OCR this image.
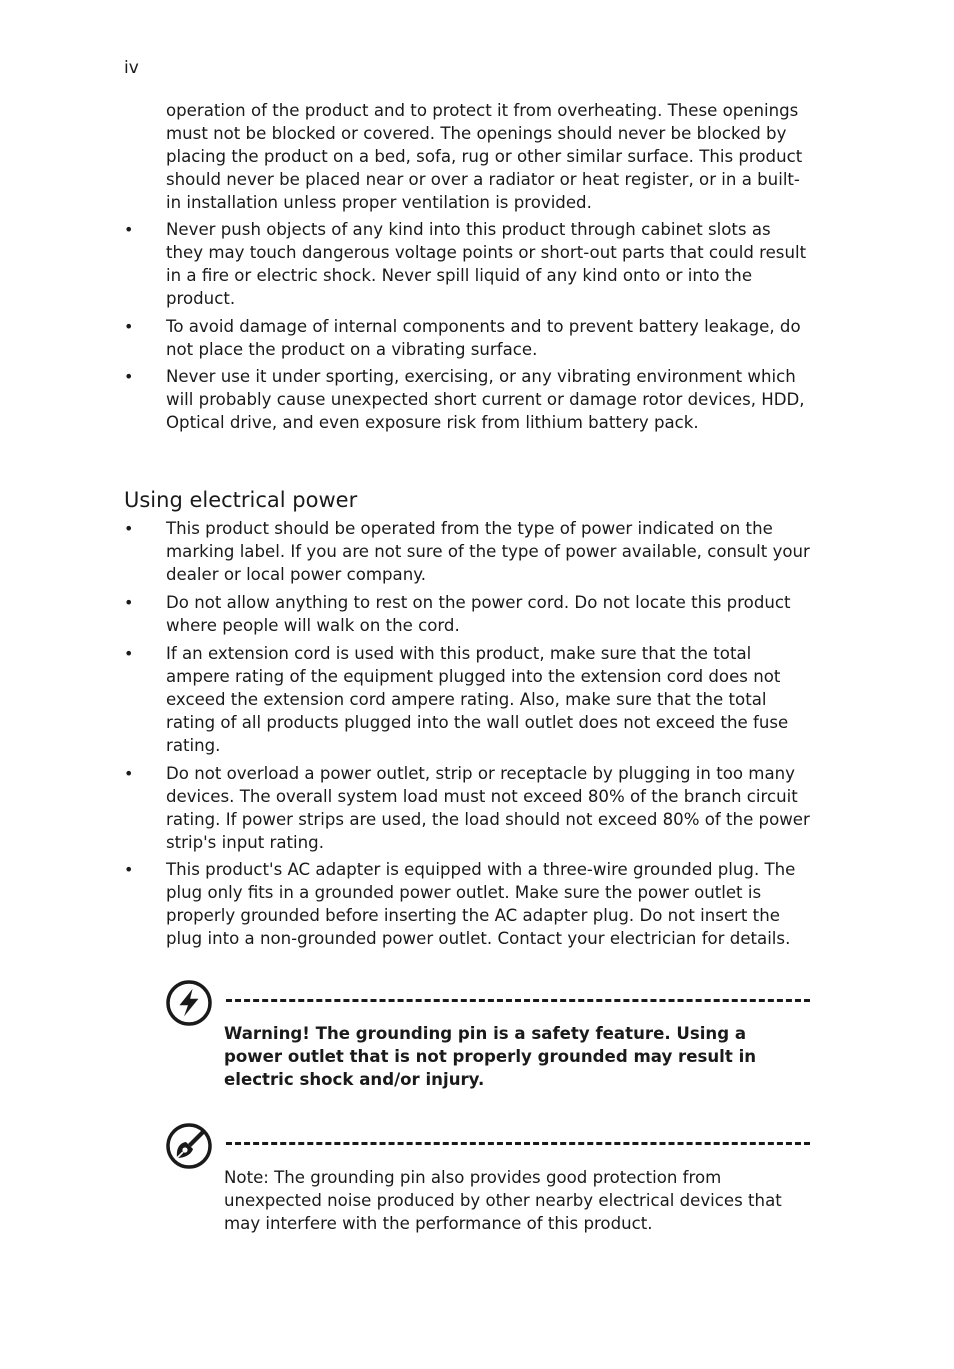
iv
operation of the product and to protect it from overheating. These openings must not be blocked or covered. The openings should never be blocked by placing the product on a bed, sofa, rug or other similar surface. This product should never be placed near or over a radiator or heat register, or in a built-in installation unless proper ventilation is provided.
• Never push objects of any kind into this product through cabinet slots as they may touch dangerous voltage points or short-out parts that could result in a fire or electric shock. Never spill liquid of any kind onto or into the product.
• To avoid damage of internal components and to prevent battery leakage, do not place the product on a vibrating surface.
• Never use it under sporting, exercising, or any vibrating environment which will probably cause unexpected short current or damage rotor devices, HDD, Optical drive, and even exposure risk from lithium battery pack.
Using electrical power
• This product should be operated from the type of power indicated on the marking label. If you are not sure of the type of power available, consult your dealer or local power company.
• Do not allow anything to rest on the power cord. Do not locate this product where people will walk on the cord.
• If an extension cord is used with this product, make sure that the total ampere rating of the equipment plugged into the extension cord does not exceed the extension cord ampere rating. Also, make sure that the total rating of all products plugged into the wall outlet does not exceed the fuse rating.
• Do not overload a power outlet, strip or receptacle by plugging in too many devices. The overall system load must not exceed 80% of the branch circuit rating. If power strips are used, the load should not exceed 80% of the power strip's input rating.
• This product's AC adapter is equipped with a three-wire grounded plug. The plug only fits in a grounded power outlet. Make sure the power outlet is properly grounded before inserting the AC adapter plug. Do not insert the plug into a non-grounded power outlet. Contact your electrician for details.
Warning! The grounding pin is a safety feature. Using a power outlet that is not properly grounded may result in electric shock and/or injury.
Note: The grounding pin also provides good protection from unexpected noise produced by other nearby electrical devices that may interfere with the performance of this product.
